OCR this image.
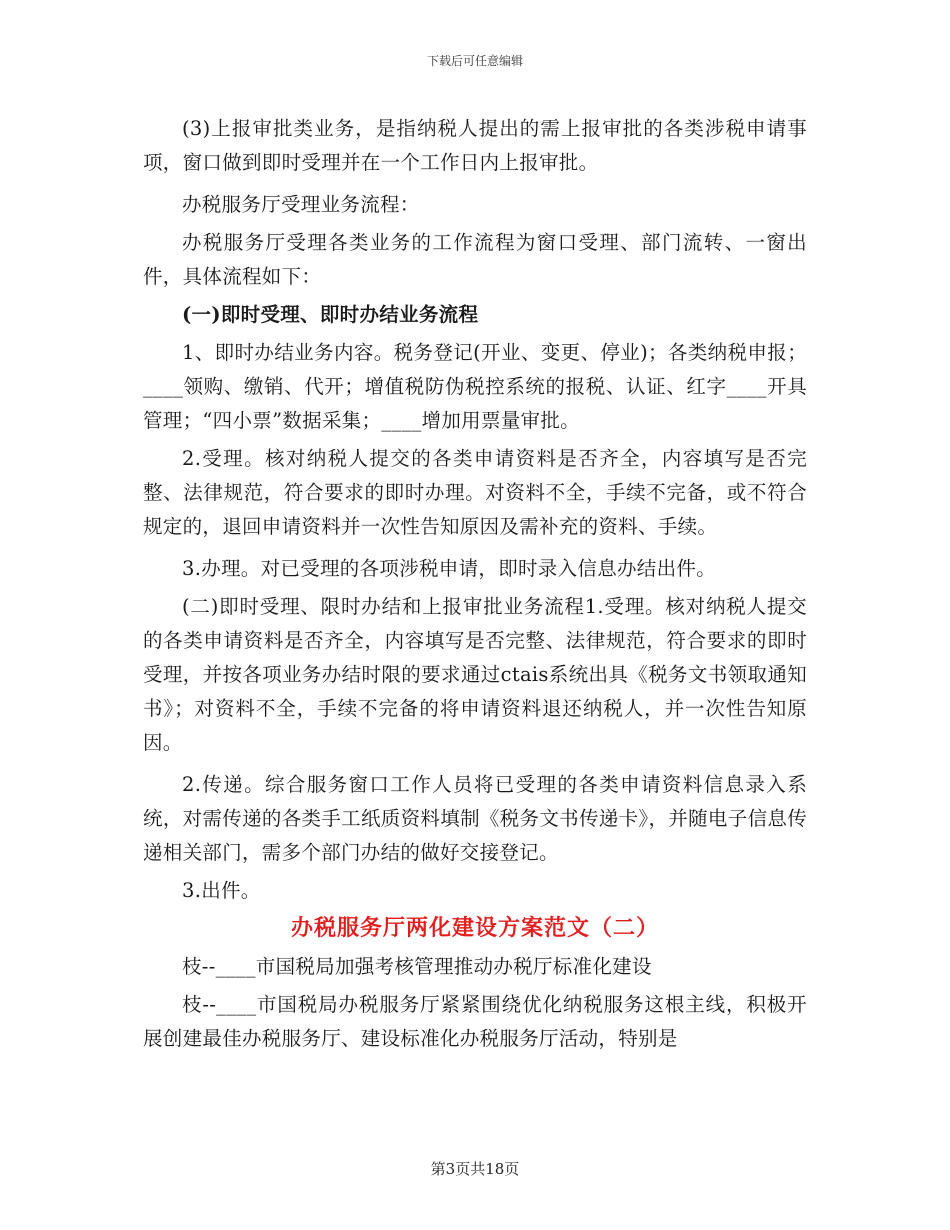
下载后可任意编辑

(3)上报审批类业务，是指纳税人提出的需上报审批的各类涉税申请事项，窗口做到即时受理并在一个工作日内上报审批。

办税服务厅受理业务流程：

办税服务厅受理各类业务的工作流程为窗口受理、部门流转、一窗出件，具体流程如下：

(一)即时受理、即时办结业务流程

1、即时办结业务内容。税务登记(开业、变更、停业)；各类纳税申报；____领购、缴销、代开；增值税防伪税控系统的报税、认证、红字____开具管理；“四小票”数据采集；____增加用票量审批。

2.受理。核对纳税人提交的各类申请资料是否齐全，内容填写是否完整、法律规范，符合要求的即时办理。对资料不全，手续不完备，或不符合规定的，退回申请资料并一次性告知原因及需补充的资料、手续。

3.办理。对已受理的各项涉税申请，即时录入信息办结出件。

(二)即时受理、限时办结和上报审批业务流程1.受理。核对纳税人提交的各类申请资料是否齐全，内容填写是否完整、法律规范，符合要求的即时受理，并按各项业务办结时限的要求通过ctais系统出具《税务文书领取通知书》；对资料不全，手续不完备的将申请资料退还纳税人，并一次性告知原因。

2.传递。综合服务窗口工作人员将已受理的各类申请资料信息录入系统，对需传递的各类手工纸质资料填制《税务文书传递卡》，并随电子信息传递相关部门，需多个部门办结的做好交接登记。

3.出件。

办税服务厅两化建设方案范文（二）

枝--____市国税局加强考核管理推动办税厅标准化建设

枝--____市国税局办税服务厅紧紧围绕优化纳税服务这根主线，积极开展创建最佳办税服务厅、建设标准化办税服务厅活动，特别是

第3页共18页
